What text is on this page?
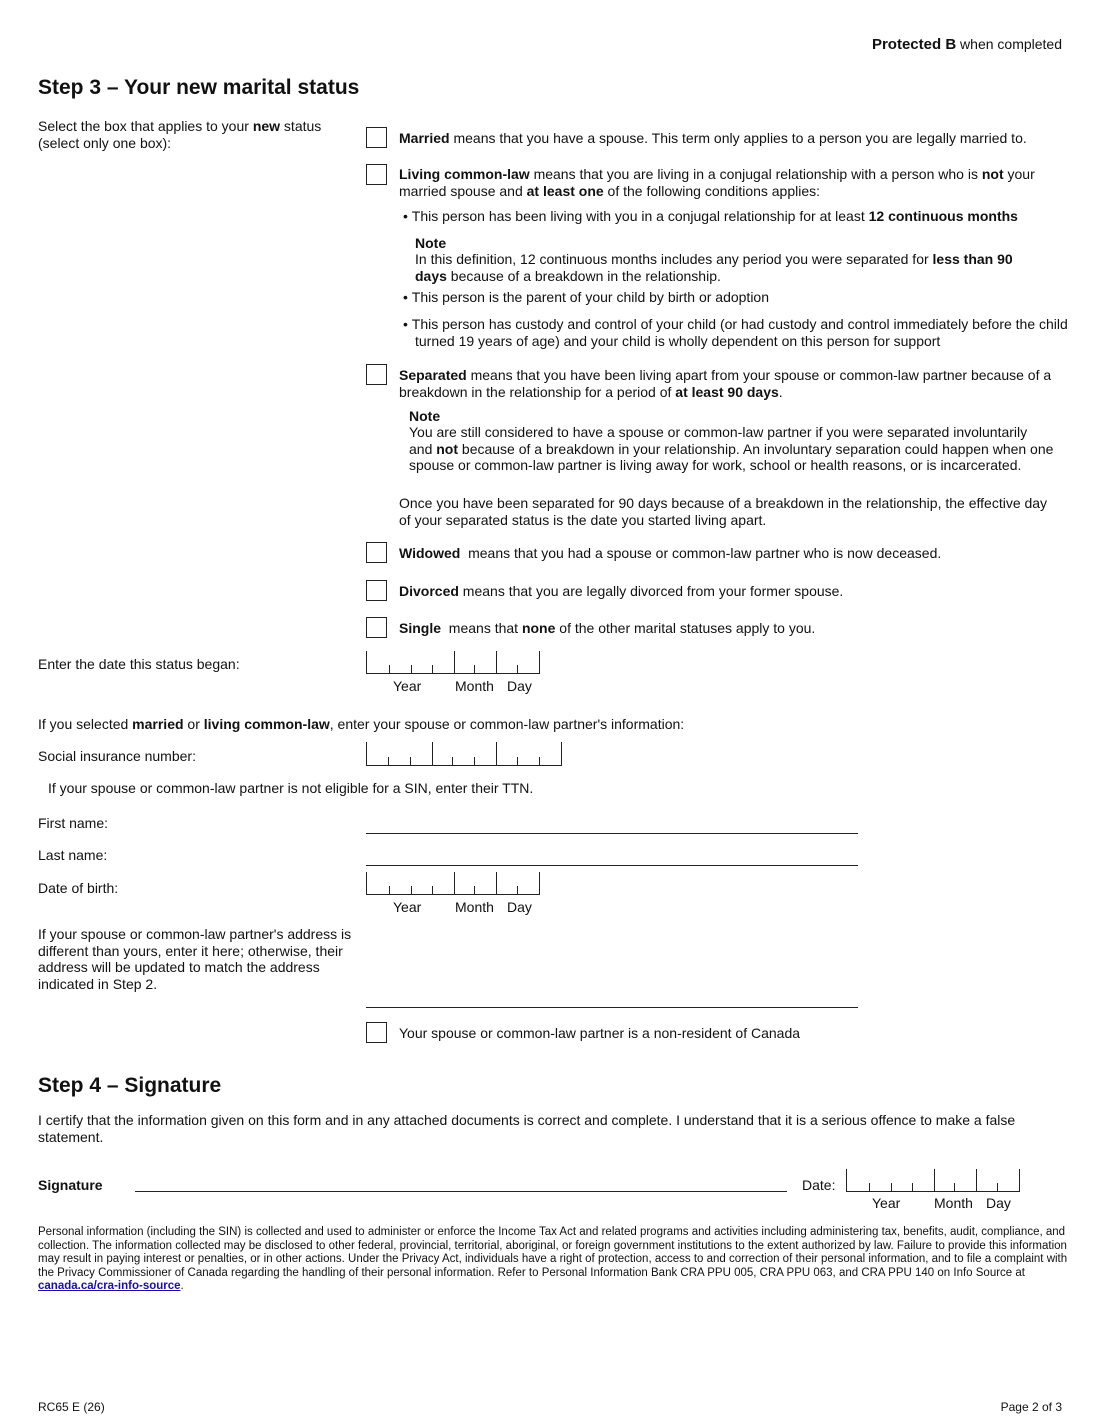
Protected B when completed
Step 3 – Your new marital status
Select the box that applies to your new status (select only one box):	Married means that you have a spouse. This term only applies to a person you are legally married to.
Living common-law means that you are living in a conjugal relationship with a person who is not your married spouse and at least one of the following conditions applies:
• This person has been living with you in a conjugal relationship for at least 12 continuous months
Note
In this definition, 12 continuous months includes any period you were separated for less than 90 days because of a breakdown in the relationship.
• This person is the parent of your child by birth or adoption
• This person has custody and control of your child (or had custody and control immediately before the child turned 19 years of age) and your child is wholly dependent on this person for support
Separated means that you have been living apart from your spouse or common-law partner because of a breakdown in the relationship for a period of at least 90 days.
Note
You are still considered to have a spouse or common-law partner if you were separated involuntarily and not because of a breakdown in your relationship. An involuntary separation could happen when one spouse or common-law partner is living away for work, school or health reasons, or is incarcerated.
Once you have been separated for 90 days because of a breakdown in the relationship, the effective day of your separated status is the date you started living apart.
Widowed  means that you had a spouse or common-law partner who is now deceased.
Divorced means that you are legally divorced from your former spouse.
Single  means that none of the other marital statuses apply to you.
Enter the date this status began:
Year Month Day
If you selected married or living common-law, enter your spouse or common-law partner's information:
Social insurance number:
If your spouse or common-law partner is not eligible for a SIN, enter their TTN.
First name:
Last name:
Date of birth:
Year Month Day
If your spouse or common-law partner's address is different than yours, enter it here; otherwise, their address will be updated to match the address indicated in Step 2.
Your spouse or common-law partner is a non-resident of Canada
Step 4 – Signature
I certify that the information given on this form and in any attached documents is correct and complete. I understand that it is a serious offence to make a false statement.
Signature	Date:
Year Month Day
Personal information (including the SIN) is collected and used to administer or enforce the Income Tax Act and related programs and activities including administering tax, benefits, audit, compliance, and collection. The information collected may be disclosed to other federal, provincial, territorial, aboriginal, or foreign government institutions to the extent authorized by law. Failure to provide this information may result in paying interest or penalties, or in other actions. Under the Privacy Act, individuals have a right of protection, access to and correction of their personal information, and to file a complaint with the Privacy Commissioner of Canada regarding the handling of their personal information. Refer to Personal Information Bank CRA PPU 005, CRA PPU 063, and CRA PPU 140 on Info Source at canada.ca/cra-info-source.
RC65 E (26)	Page 2 of 3
